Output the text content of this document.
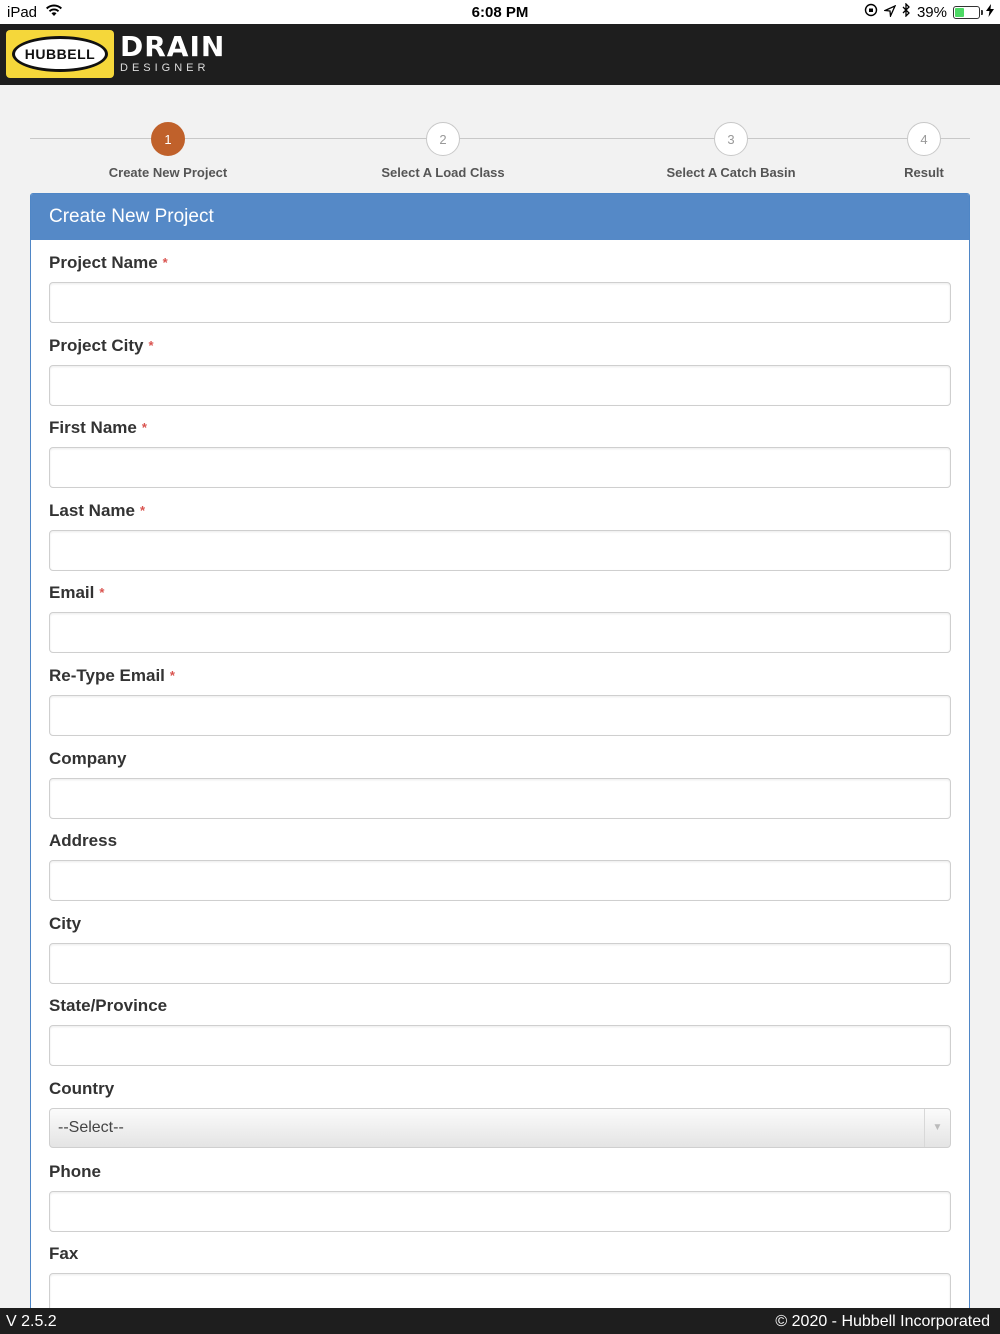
iPad	6:08 PM	39%
HUBBELL DRAIN
DESIGNER
1
Create New Project
2
Select A Load Class
3
Select A Catch Basin
4
Result
Create New Project
Project Name *
Project City *
First Name *
Last Name *
Email *
Re-Type Email *
Company
Address
City
State/Province
Country
--Select--	▼
Phone
Fax
V 2.5.2	© 2020 - Hubbell Incorporated
